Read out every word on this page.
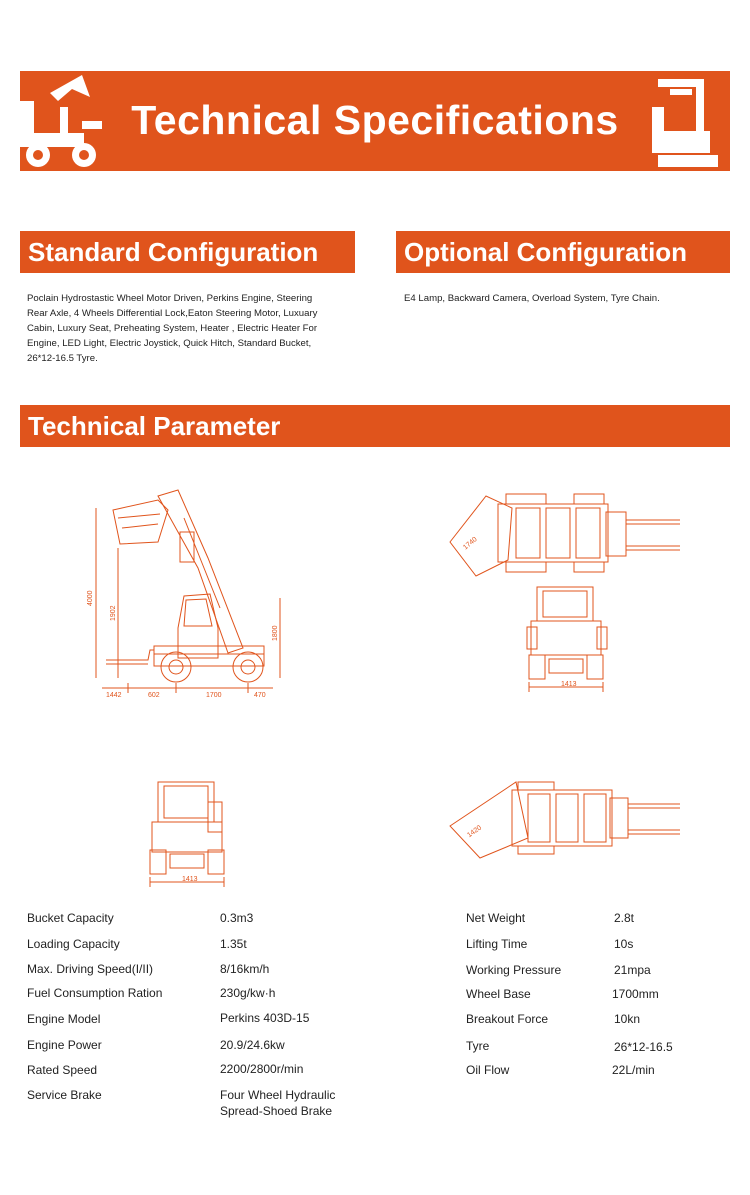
Technical Specifications
Standard Configuration
Poclain Hydrostastic Wheel Motor Driven, Perkins Engine, Steering
Rear Axle, 4 Wheels Differential Lock,Eaton Steering Motor, Luxuary
Cabin, Luxury Seat, Preheating System, Heater , Electric Heater For
Engine, LED Light, Electric Joystick, Quick Hitch, Standard Bucket,
26*12-16.5 Tyre.
Optional Configuration
E4 Lamp, Backward Camera, Overload System, Tyre Chain.
Technical Parameter
4000
1902
1800
1442	602	1700	470
1740
1413
1413
1420
Bucket Capacity	0.3m3
Loading Capacity	1.35t
Max. Driving Speed(I/II)	8/16km/h
Fuel Consumption Ration	230g/kw·h
Engine Model	Perkins 403D-15
Engine Power	20.9/24.6kw
Rated Speed	2200/2800r/min
Service Brake	Four Wheel Hydraulic
Spread-Shoed Brake
Net Weight	2.8t
Lifting Time	10s
Working Pressure	21mpa
Wheel Base	1700mm
Breakout Force	10kn
Tyre	26*12-16.5
Oil Flow	22L/min
